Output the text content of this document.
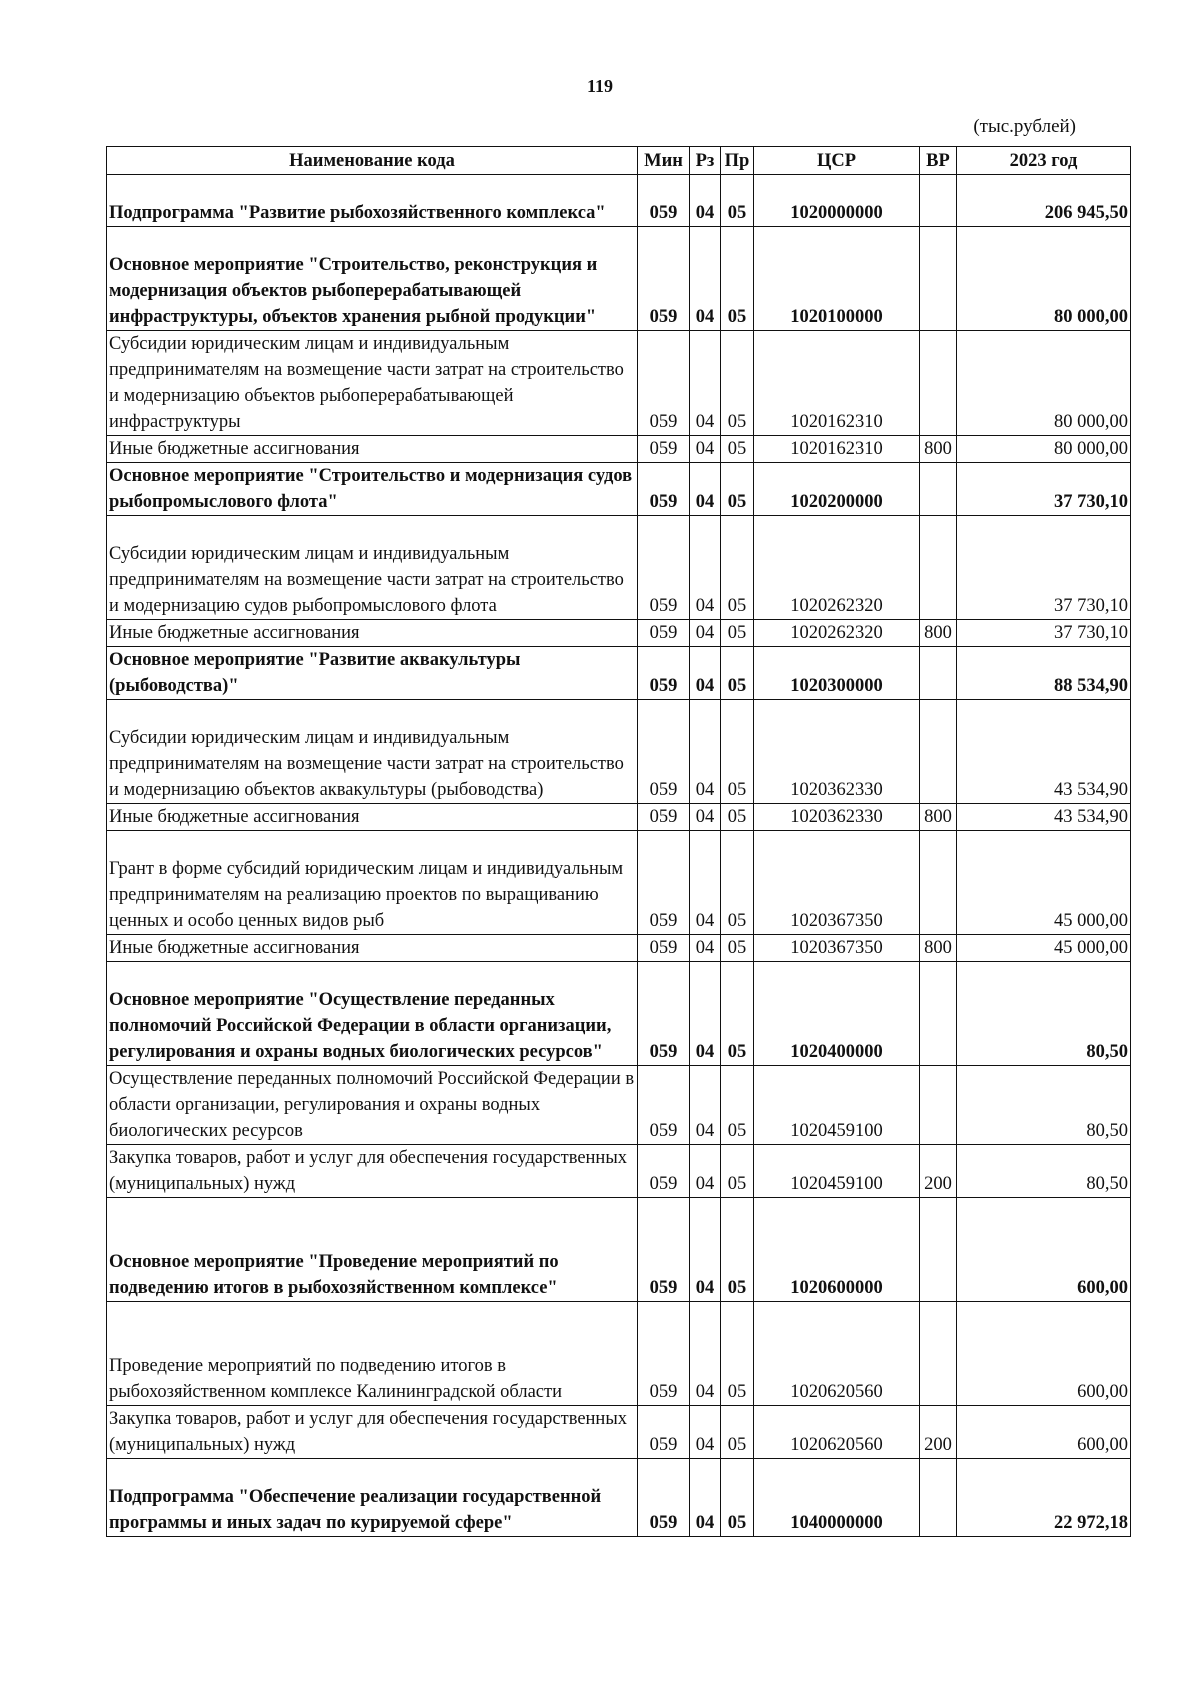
119
(тыс.рублей)
Наименование кода	Мин	Рз	Пр	ЦСР	ВР	2023 год
Подпрограмма "Развитие рыбохозяйственного комплекса"	059	04	05	1020000000		206 945,50
Основное мероприятие "Строительство, реконструкция и модернизация объектов рыбоперерабатывающей инфраструктуры, объектов хранения рыбной продукции"	059	04	05	1020100000		80 000,00
Субсидии юридическим лицам и индивидуальным предпринимателям на возмещение части затрат на строительство и модернизацию объектов рыбоперерабатывающей инфраструктуры	059	04	05	1020162310		80 000,00
Иные бюджетные ассигнования	059	04	05	1020162310	800	80 000,00
Основное мероприятие "Строительство и модернизация судов рыбопромыслового флота"	059	04	05	1020200000		37 730,10
Субсидии юридическим лицам и индивидуальным предпринимателям на возмещение части затрат на строительство и модернизацию судов рыбопромыслового флота	059	04	05	1020262320		37 730,10
Иные бюджетные ассигнования	059	04	05	1020262320	800	37 730,10
Основное мероприятие "Развитие аквакультуры (рыбоводства)"	059	04	05	1020300000		88 534,90
Субсидии юридическим лицам и индивидуальным предпринимателям на возмещение части затрат на строительство и модернизацию объектов аквакультуры (рыбоводства)	059	04	05	1020362330		43 534,90
Иные бюджетные ассигнования	059	04	05	1020362330	800	43 534,90
Грант в форме субсидий юридическим лицам и индивидуальным предпринимателям на реализацию проектов по выращиванию ценных и особо ценных видов рыб	059	04	05	1020367350		45 000,00
Иные бюджетные ассигнования	059	04	05	1020367350	800	45 000,00
Основное мероприятие "Осуществление переданных полномочий Российской Федерации в области организации, регулирования и охраны водных биологических ресурсов"	059	04	05	1020400000		80,50
Осуществление переданных полномочий Российской Федерации в области организации, регулирования и охраны водных биологических ресурсов	059	04	05	1020459100		80,50
Закупка товаров, работ и услуг для обеспечения государственных (муниципальных) нужд	059	04	05	1020459100	200	80,50
Основное мероприятие "Проведение мероприятий по подведению итогов в рыбохозяйственном комплексе"	059	04	05	1020600000		600,00
Проведение мероприятий по подведению итогов в рыбохозяйственном комплексе Калининградской области	059	04	05	1020620560		600,00
Закупка товаров, работ и услуг для обеспечения государственных (муниципальных) нужд	059	04	05	1020620560	200	600,00
Подпрограмма "Обеспечение реализации государственной программы и иных задач по курируемой сфере"	059	04	05	1040000000		22 972,18
